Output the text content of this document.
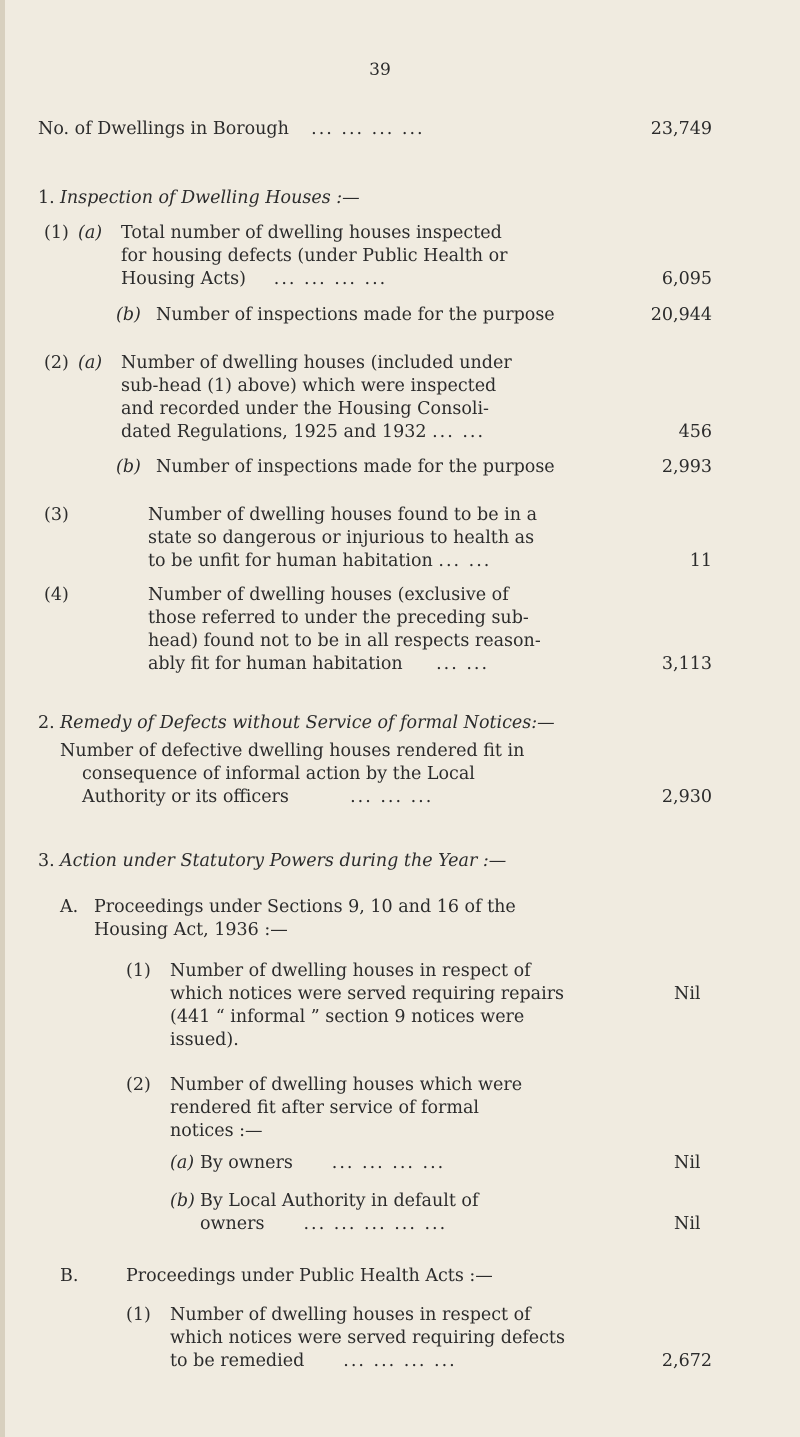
39
No. of Dwellings in Borough ... ... ... ...	23,749
1. Inspection of Dwelling Houses :—
(1) (a) Total number of dwelling houses inspected
for housing defects (under Public Health or
Housing Acts) ... ... ... ...	6,095
(b) Number of inspections made for the purpose	20,944
(2) (a) Number of dwelling houses (included under
sub-head (1) above) which were inspected
and recorded under the Housing Consoli-
dated Regulations, 1925 and 1932 ... ...	456
(b) Number of inspections made for the purpose	2,993
(3)	Number of dwelling houses found to be in a
state so dangerous or injurious to health as
to be unfit for human habitation ... ...	11
(4)	Number of dwelling houses (exclusive of
those referred to under the preceding sub-
head) found not to be in all respects reason-
ably fit for human habitation ... ...	3,113
2. Remedy of Defects without Service of formal Notices:—
Number of defective dwelling houses rendered fit in
consequence of informal action by the Local
Authority or its officers	... ... ...	2,930
3. Action under Statutory Powers during the Year :—
A. Proceedings under Sections 9, 10 and 16 of the
Housing Act, 1936 :—
(1) Number of dwelling houses in respect of
which notices were served requiring repairs
(441 “ informal ” section 9 notices were
issued).
Nil
(2) Number of dwelling houses which were
rendered fit after service of formal
notices :—
(a) By owners ... ... ... ...	Nil
(b) By Local Authority in default of
owners ... ... ... ... ...	Nil
B.	Proceedings under Public Health Acts :—
(1) Number of dwelling houses in respect of
which notices were served requiring defects
to be remedied ... ... ... ...	2,672
